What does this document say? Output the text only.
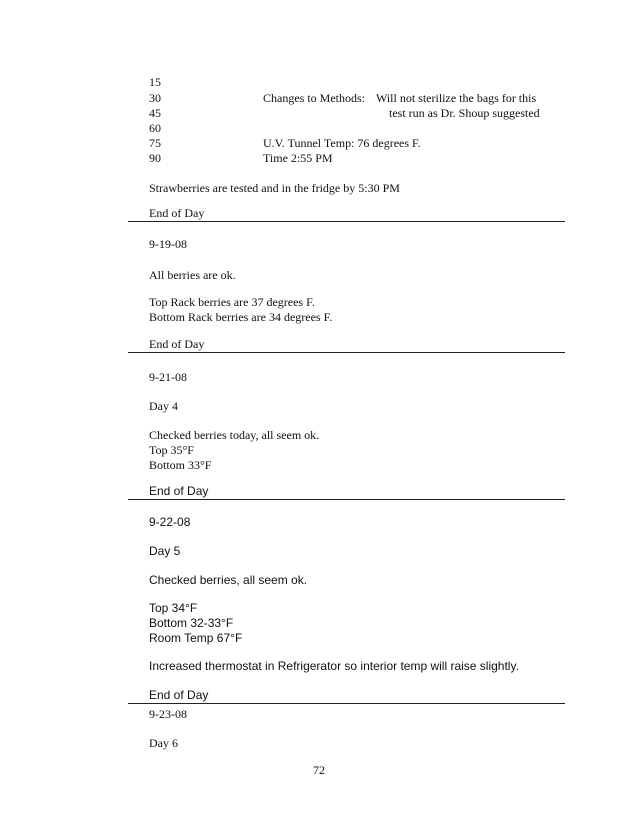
15
30
45
60
75
90
Changes to Methods: Will not sterilize the bags for this
test run as Dr. Shoup suggested
U.V. Tunnel Temp: 76 degrees F.
Time 2:55 PM
Strawberries are tested and in the fridge by 5:30 PM
End of Day
9-19-08
All berries are ok.
Top Rack berries are 37 degrees F.
Bottom Rack berries are 34 degrees F.
End of Day
9-21-08
Day 4
Checked berries today, all seem ok.
Top 35°F
Bottom 33°F
End of Day
9-22-08
Day 5
Checked berries, all seem ok.
Top 34°F
Bottom 32-33°F
Room Temp 67°F
Increased thermostat in Refrigerator so interior temp will raise slightly.
End of Day
9-23-08
Day 6
72
